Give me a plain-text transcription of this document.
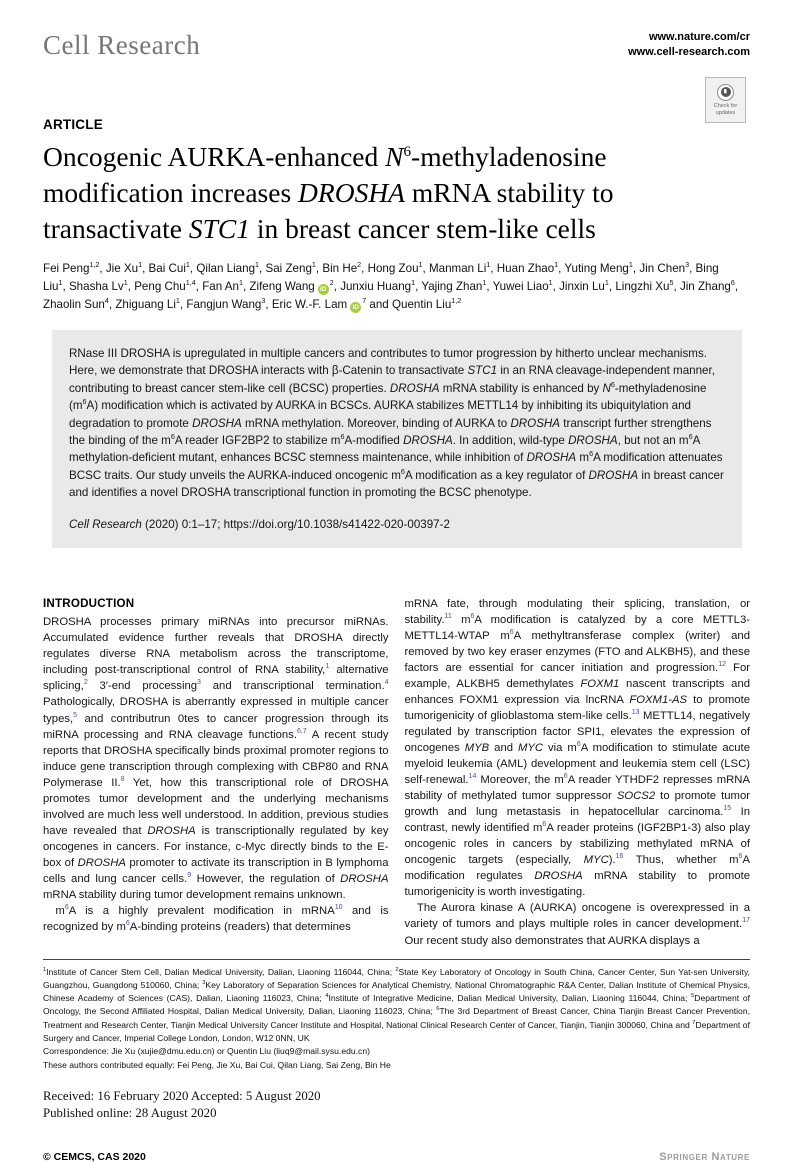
Cell Research	www.nature.com/cr
www.cell-research.com
Check for
updates
ARTICLE
Oncogenic AURKA-enhanced $N^6$-methyladenosine
modification increases DROSHA mRNA stability to
transactivate STC1 in breast cancer stem-like cells
Fei Peng$^{1,2}$, Jie Xu$^1$, Bai Cui$^1$, Qilan Liang$^1$, Sai Zeng$^1$, Bin He$^2$, Hong Zou$^1$, Manman Li$^1$, Huan Zhao$^1$, Yuting Meng$^1$, Jin Chen$^3$, Bing Liu$^1$, Shasha Lv$^1$, Peng Chu$^{1,4}$, Fan An$^1$, Zifeng Wang $iD^2$, Junxiu Huang$^1$, Yajing Zhan$^1$, Yuwei Liao$^1$, Jinxin Lu$^1$, Lingzhi Xu$^5$, Jin Zhang$^6$, Zhaolin Sun$^4$, Zhiguang Li$^1$, Fangjun Wang$^3$, Eric W.-F. Lam $iD^7$ and Quentin Liu$^{1,2}$
RNase III DROSHA is upregulated in multiple cancers and contributes to tumor progression by hitherto unclear mechanisms. Here, we demonstrate that DROSHA interacts with β-Catenin to transactivate STC1 in an RNA cleavage-independent manner, contributing to breast cancer stem-like cell (BCSC) properties. DROSHA mRNA stability is enhanced by $N^6$-methyladenosine $(m^6A)$ modification which is activated by AURKA in BCSCs. AURKA stabilizes METTL14 by inhibiting its ubiquitylation and degradation to promote DROSHA mRNA methylation. Moreover, binding of AURKA to DROSHA transcript further strengthens the binding of the $m^6A$ reader IGF2BP2 to stabilize $m^6A$-modified DROSHA. In addition, wild-type DROSHA, but not an $m^6A$ methylation-deficient mutant, enhances BCSC stemness maintenance, while inhibition of DROSHA $m^6A$ modification attenuates BCSC traits. Our study unveils the AURKA-induced oncogenic $m^6A$ modification as a key regulator of DROSHA in breast cancer and identifies a novel DROSHA transcriptional function in promoting the BCSC phenotype.
Cell Research (2020) 0:1–17; https://doi.org/10.1038/s41422-020-00397-2
INTRODUCTION

DROSHA processes primary miRNAs into precursor miRNAs. Accumulated evidence further reveals that DROSHA directly regulates diverse RNA metabolism across the transcriptome, including post-transcriptional control of RNA stability,$^1$ alternative splicing,$^2$ 3′-end processing$^3$ and transcriptional termination.$^4$ Pathologically, DROSHA is aberrantly expressed in multiple cancer types,$^5$ and contributrun 0tes to cancer progression through its miRNA processing and RNA cleavage functions.$^{6,7}$ A recent study reports that DROSHA specifically binds proximal promoter regions to induce gene transcription through complexing with CBP80 and RNA Polymerase II.$^8$ Yet, how this transcriptional role of DROSHA promotes tumor development and the underlying mechanisms involved are much less well understood. In addition, previous studies have revealed that DROSHA is transcriptionally regulated by key oncogenes in cancers. For instance, c-Myc directly binds to the E-box of DROSHA promoter to activate its transcription in B lymphoma cells and lung cancer cells.$^9$ However, the regulation of DROSHA mRNA stability during tumor development remains unknown.

$m^6A$ is a highly prevalent modification in mRNA$^{10}$ and is recognized by $m^6A$-binding proteins (readers) that determines

mRNA fate, through modulating their splicing, translation, or stability.$^{11}$ $m^6A$ modification is catalyzed by a core METTL3-METTL14-WTAP $m^6A$ methyltransferase complex (writer) and removed by two key eraser enzymes (FTO and ALKBH5), and these factors are essential for cancer initiation and progression.$^{12}$ For example, ALKBH5 demethylates FOXM1 nascent transcripts and enhances FOXM1 expression via lncRNA FOXM1-AS to promote tumorigenicity of glioblastoma stem-like cells.$^{13}$ METTL14, negatively regulated by transcription factor SPI1, elevates the expression of oncogenes MYB and MYC via $m^6A$ modification to stimulate acute myeloid leukemia (AML) development and leukemia stem cell (LSC) self-renewal.$^{14}$ Moreover, the $m^6A$ reader YTHDF2 represses mRNA stability of methylated tumor suppressor SOCS2 to promote tumor growth and lung metastasis in hepatocellular carcinoma.$^{15}$ In contrast, newly identified $m^6A$ reader proteins (IGF2BP1-3) also play oncogenic roles in cancers by stabilizing methylated mRNA of oncogenic targets (especially, MYC).$^{16}$ Thus, whether $m^6A$ modification regulates DROSHA mRNA stability to promote tumorigenicity is worth investigating.

The Aurora kinase A (AURKA) oncogene is overexpressed in a variety of tumors and plays multiple roles in cancer development.$^{17}$ Our recent study also demonstrates that AURKA displays a

$^1$Institute of Cancer Stem Cell, Dalian Medical University, Dalian, Liaoning 116044, China; $^2$State Key Laboratory of Oncology in South China, Cancer Center, Sun Yat-sen University, Guangzhou, Guangdong 510060, China; $^3$Key Laboratory of Separation Sciences for Analytical Chemistry, National Chromatographic R&A Center, Dalian Institute of Chemical Physics, Chinese Academy of Sciences (CAS), Dalian, Liaoning 116023, China; $^4$Institute of Integrative Medicine, Dalian Medical University, Dalian, Liaoning 116044, China; $^5$Department of Oncology, the Second Affiliated Hospital, Dalian Medical University, Dalian, Liaoning 116023, China; $^6$The 3rd Department of Breast Cancer, China Tianjin Breast Cancer Prevention, Treatment and Research Center, Tianjin Medical University Cancer Institute and Hospital, National Clinical Research Center of Cancer, Tianjin, Tianjin 300060, China and $^7$Department of Surgery and Cancer, Imperial College London, London, W12 0NN, UK

Correspondence: Jie Xu (xujie@dmu.edu.cn) or Quentin Liu (liuq9@mail.sysu.edu.cn)

These authors contributed equally: Fei Peng, Jie Xu, Bai Cui, Qilan Liang, Sai Zeng, Bin He

Received: 16 February 2020 Accepted: 5 August 2020
Published online: 28 August 2020
© CEMCS, CAS 2020	Springer Nature
